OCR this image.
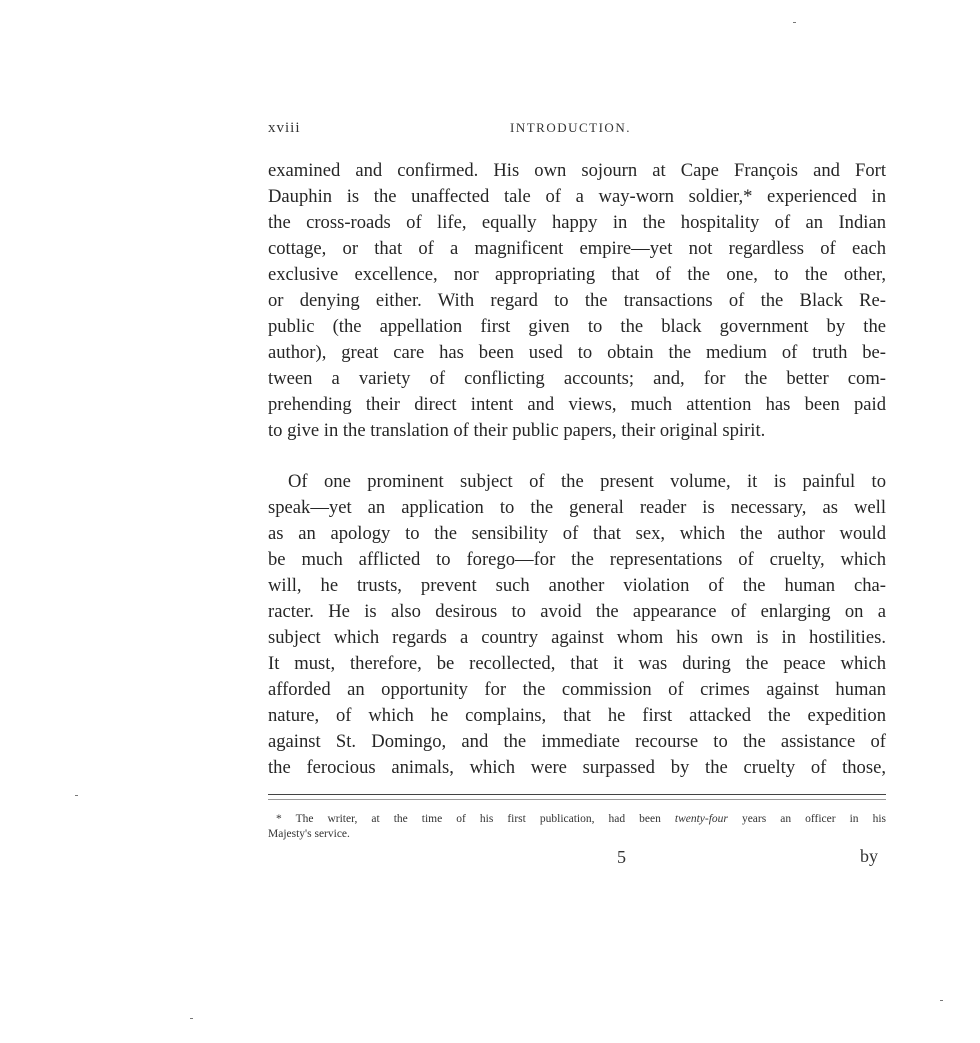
xviii	INTRODUCTION.
examined and confirmed. His own sojourn at Cape François and Fort
Dauphin is the unaffected tale of a way-worn soldier,* experienced in
the cross-roads of life, equally happy in the hospitality of an Indian
cottage, or that of a magnificent empire—yet not regardless of each
exclusive excellence, nor appropriating that of the one, to the other,
or denying either. With regard to the transactions of the Black Re-
public (the appellation first given to the black government by the
author), great care has been used to obtain the medium of truth be-
tween a variety of conflicting accounts; and, for the better com-
prehending their direct intent and views, much attention has been paid
to give in the translation of their public papers, their original spirit.
Of one prominent subject of the present volume, it is painful to
speak—yet an application to the general reader is necessary, as well
as an apology to the sensibility of that sex, which the author would
be much afflicted to forego—for the representations of cruelty, which
will, he trusts, prevent such another violation of the human cha-
racter. He is also desirous to avoid the appearance of enlarging on a
subject which regards a country against whom his own is in hostilities.
It must, therefore, be recollected, that it was during the peace which
afforded an opportunity for the commission of crimes against human
nature, of which he complains, that he first attacked the expedition
against St. Domingo, and the immediate recourse to the assistance of
the ferocious animals, which were surpassed by the cruelty of those,
* The writer, at the time of his first publication, had been twenty-four years an officer in his
Majesty's service.
5	by
